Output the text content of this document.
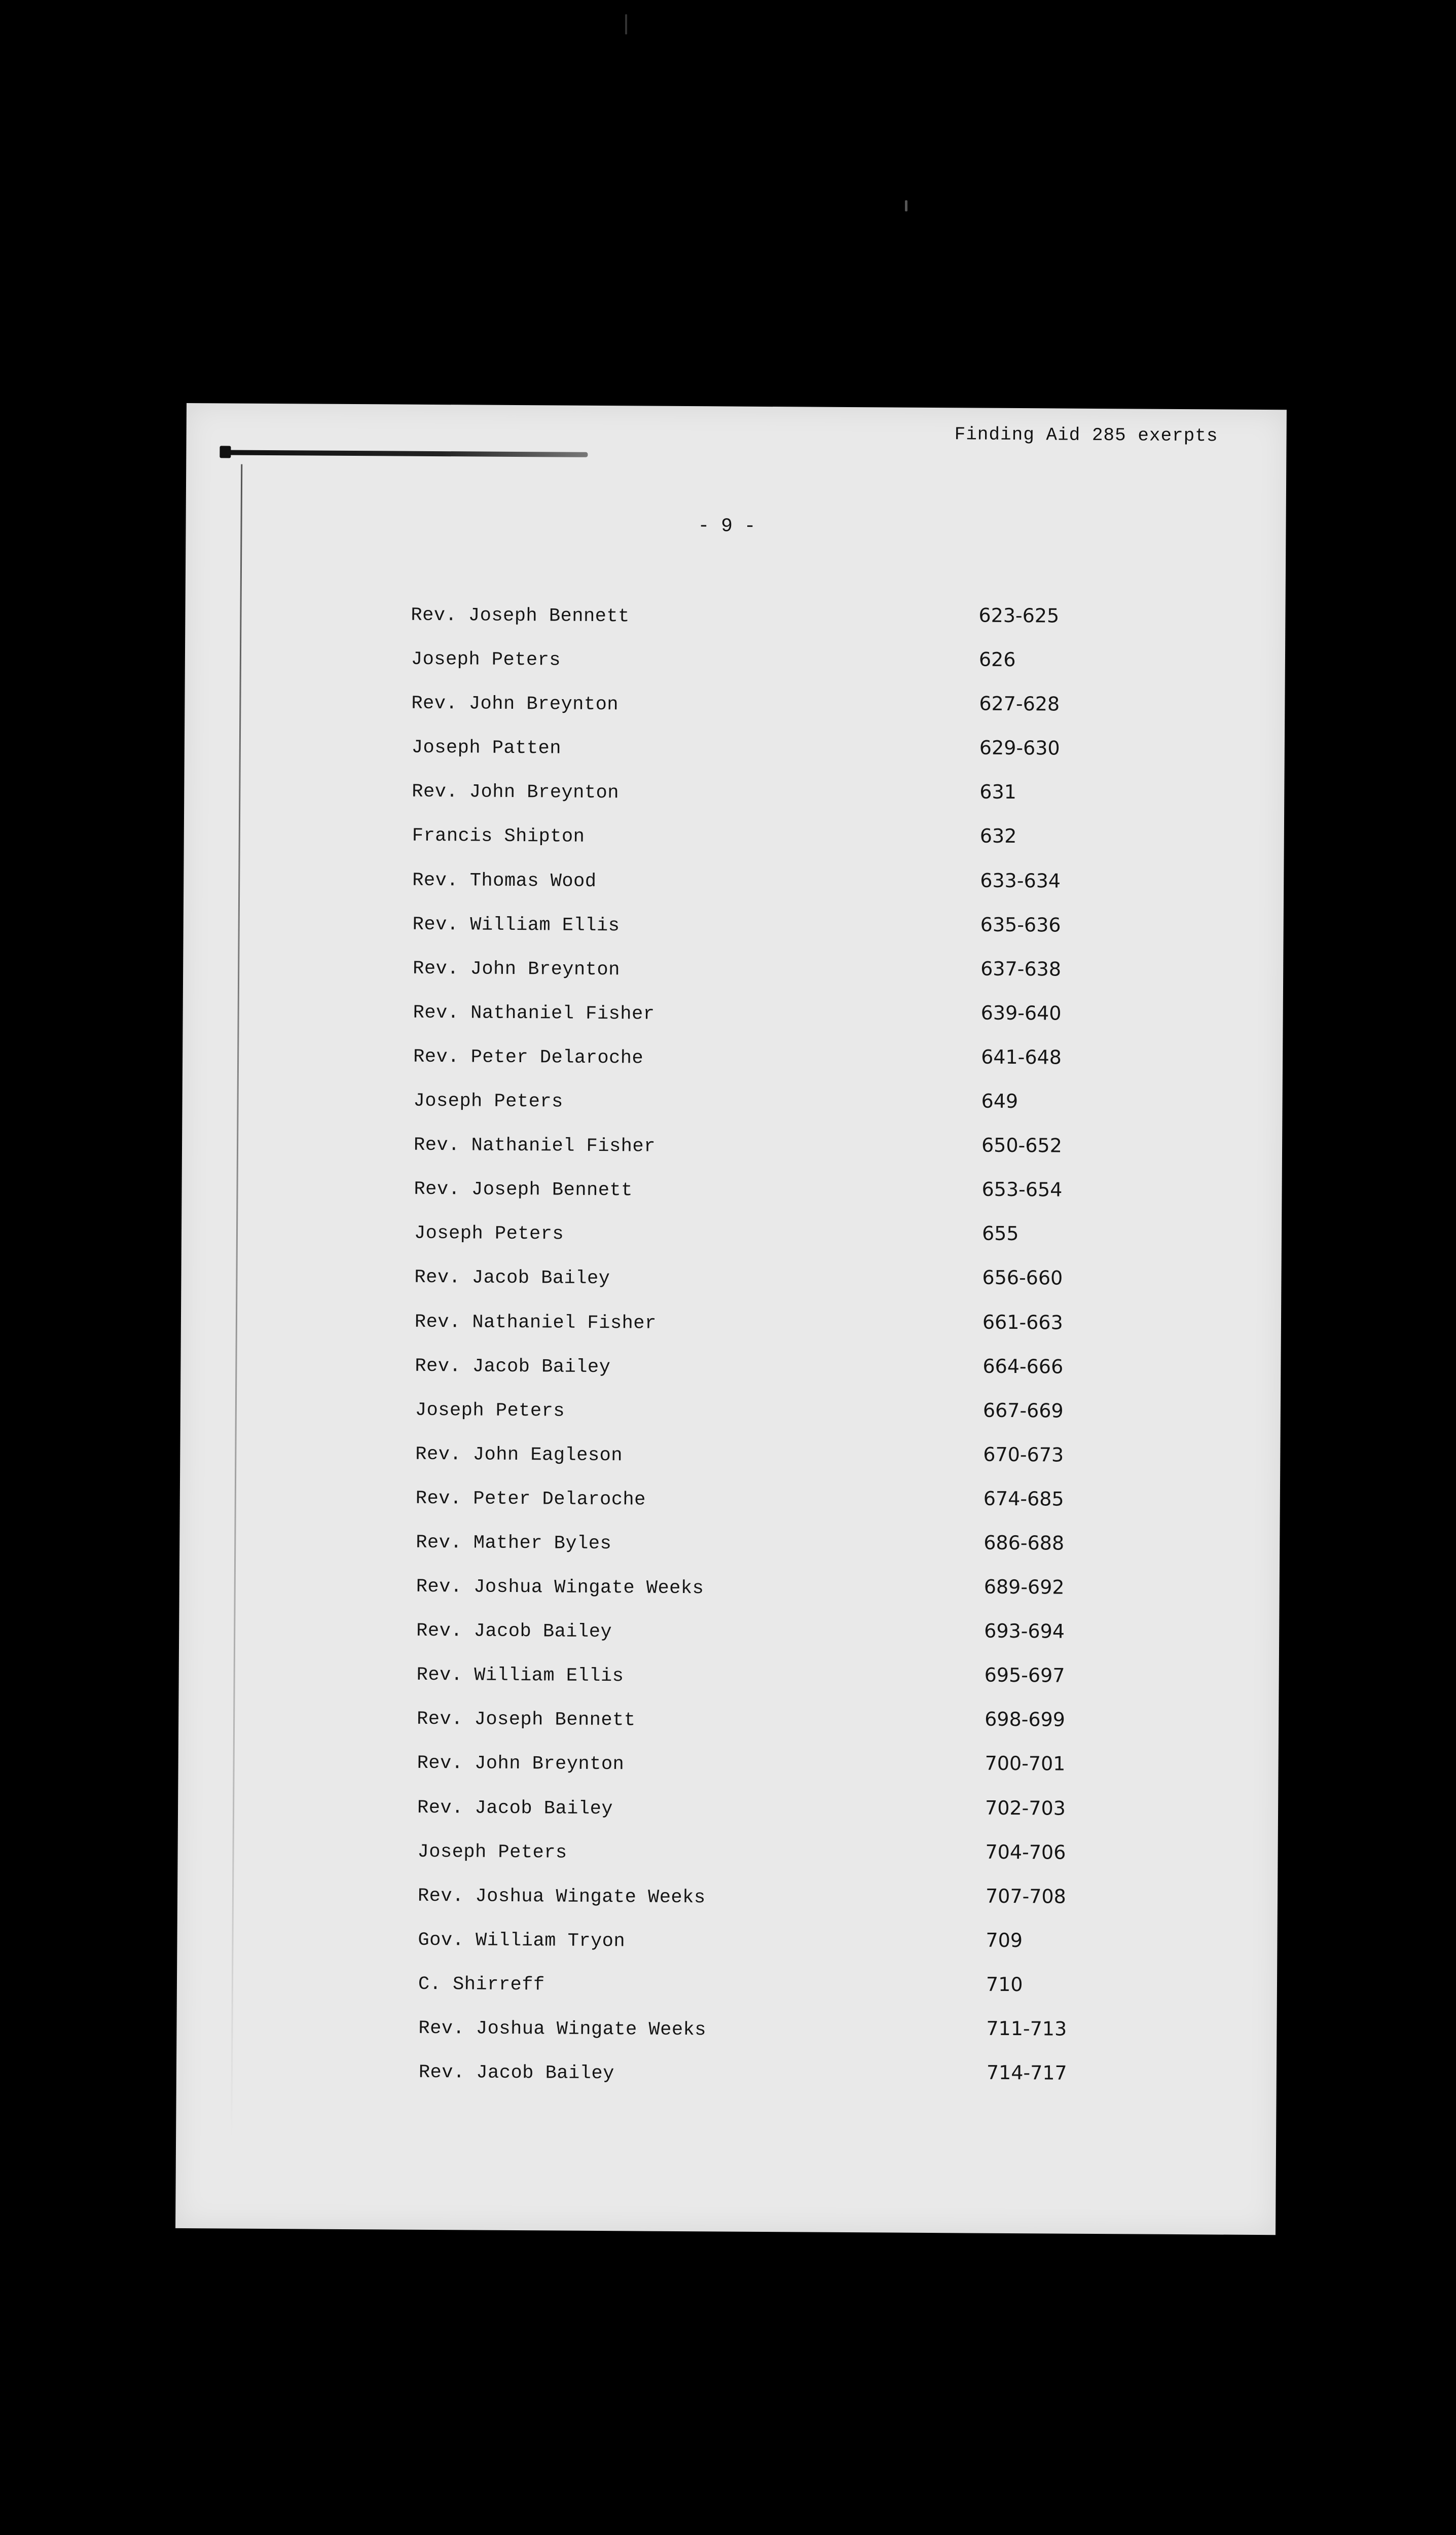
Finding Aid 285 exerpts
- 9 -
Rev. Joseph Bennett	623-625
Joseph Peters	626
Rev. John Breynton	627-628
Joseph Patten	629-630
Rev. John Breynton	631
Francis Shipton	632
Rev. Thomas Wood	633-634
Rev. William Ellis	635-636
Rev. John Breynton	637-638
Rev. Nathaniel Fisher	639-640
Rev. Peter Delaroche	641-648
Joseph Peters	649
Rev. Nathaniel Fisher	650-652
Rev. Joseph Bennett	653-654
Joseph Peters	655
Rev. Jacob Bailey	656-660
Rev. Nathaniel Fisher	661-663
Rev. Jacob Bailey	664-666
Joseph Peters	667-669
Rev. John Eagleson	670-673
Rev. Peter Delaroche	674-685
Rev. Mather Byles	686-688
Rev. Joshua Wingate Weeks	689-692
Rev. Jacob Bailey	693-694
Rev. William Ellis	695-697
Rev. Joseph Bennett	698-699
Rev. John Breynton	700-701
Rev. Jacob Bailey	702-703
Joseph Peters	704-706
Rev. Joshua Wingate Weeks	707-708
Gov. William Tryon	709
C. Shirreff	710
Rev. Joshua Wingate Weeks	711-713
Rev. Jacob Bailey	714-717
